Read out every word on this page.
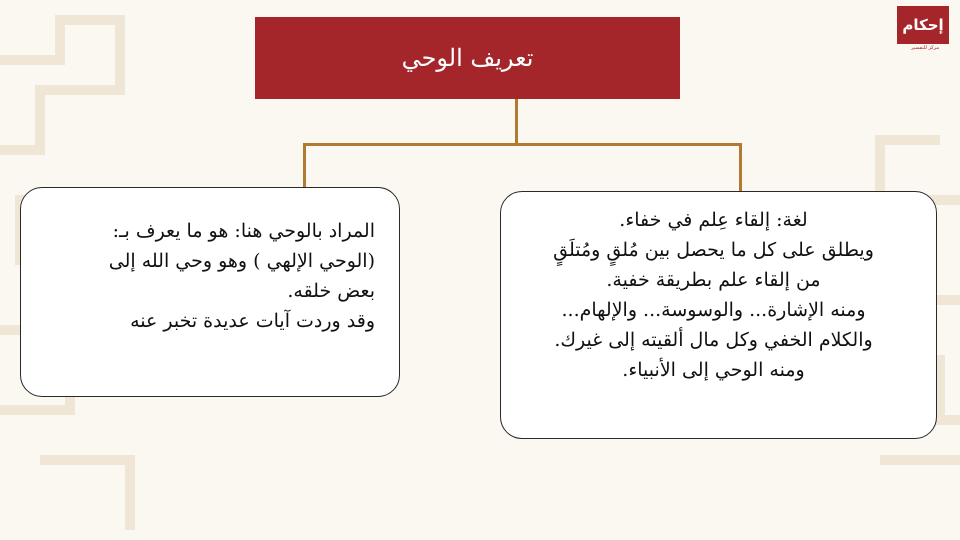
إحكام
مركز للتفسير
تعريف الوحي
لغة: إلقاء عِلم في خفاء.
ويطلق على كل ما يحصل بين مُلقٍ ومُتلَقٍ
من إلقاء علم بطريقة خفية.
ومنه الإشارة... والوسوسة... والإلهام...
والكلام الخفي وكل مال ألقيته إلى غيرك.
ومنه الوحي إلى الأنبياء.
المراد بالوحي هنا: هو ما يعرف بـ:
(الوحي الإلهي ) وهو وحي الله إلى
بعض خلقه.
وقد وردت آيات عديدة تخبر عنه
